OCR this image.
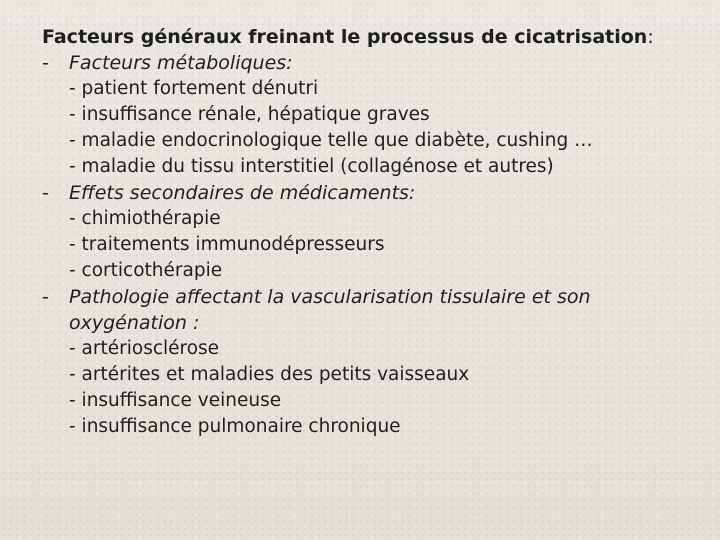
Facteurs généraux freinant le processus de cicatrisation:
- Facteurs métaboliques:
- patient fortement dénutri
- insuffisance rénale, hépatique graves
- maladie endocrinologique telle que diabète, cushing …
- maladie du tissu interstitiel (collagénose et autres)
- Effets secondaires de médicaments:
- chimiothérapie
- traitements immunodépresseurs
- corticothérapie
- Pathologie affectant la vascularisation tissulaire et son oxygénation :
- artériosclérose
- artérites et maladies des petits vaisseaux
- insuffisance veineuse
- insuffisance pulmonaire chronique
